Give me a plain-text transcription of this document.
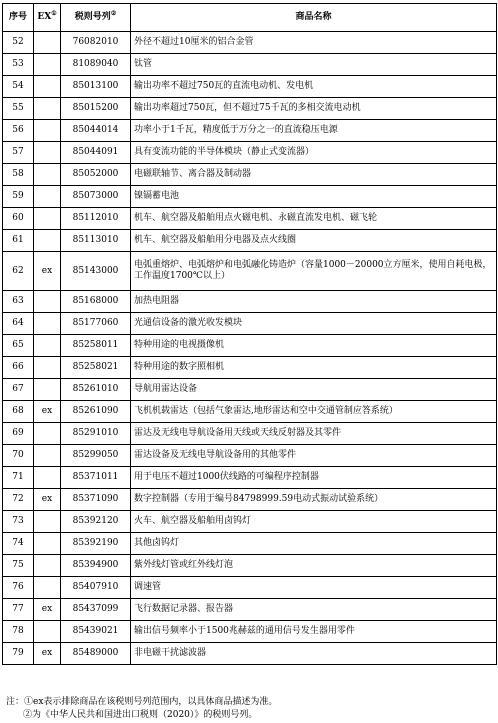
序号	EX①	税则号列②	商品名称
52		76082010	外径不超过10厘米的铝合金管
53		81089040	钛管
54		85013100	输出功率不超过750瓦的直流电动机、发电机
55		85015200	输出功率超过750瓦，但不超过75千瓦的多相交流电动机
56		85044014	功率小于1千瓦，精度低于万分之一的直流稳压电源
57		85044091	具有变流功能的半导体模块（静止式变流器）
58		85052000	电磁联轴节、离合器及制动器
59		85073000	镍镉蓄电池
60		85112010	机车、航空器及船舶用点火磁电机、永磁直流发电机、磁飞轮
61		85113010	机车、航空器及船舶用分电器及点火线圈
62	ex	85143000	电弧重熔炉、电弧熔炉和电弧融化铸造炉（容量1000－20000立方厘米，使用自耗电极，工作温度1700℃以上）
63		85168000	加热电阻器
64		85177060	光通信设备的激光收发模块
65		85258011	特种用途的电视摄像机
66		85258021	特种用途的数字照相机
67		85261010	导航用雷达设备
68	ex	85261090	飞机机载雷达（包括气象雷达,地形雷达和空中交通管制应答系统）
69		85291010	雷达及无线电导航设备用天线或天线反射器及其零件
70		85299050	雷达设备及无线电导航设备用的其他零件
71		85371011	用于电压不超过1000伏线路的可编程序控制器
72	ex	85371090	数字控制器（专用于编号84798999.59电动式振动试验系统）
73		85392120	火车、航空器及船舶用卤钨灯
74		85392190	其他卤钨灯
75		85394900	紫外线灯管或红外线灯泡
76		85407910	调速管
77	ex	85437099	飞行数据记录器、报告器
78		85439021	输出信号频率小于1500兆赫兹的通用信号发生器用零件
79	ex	85489000	非电磁干扰滤波器
注：①ex表示排除商品在该税则号列范围内，以具体商品描述为准。
②为《中华人民共和国进出口税则（2020）》的税则号列。
